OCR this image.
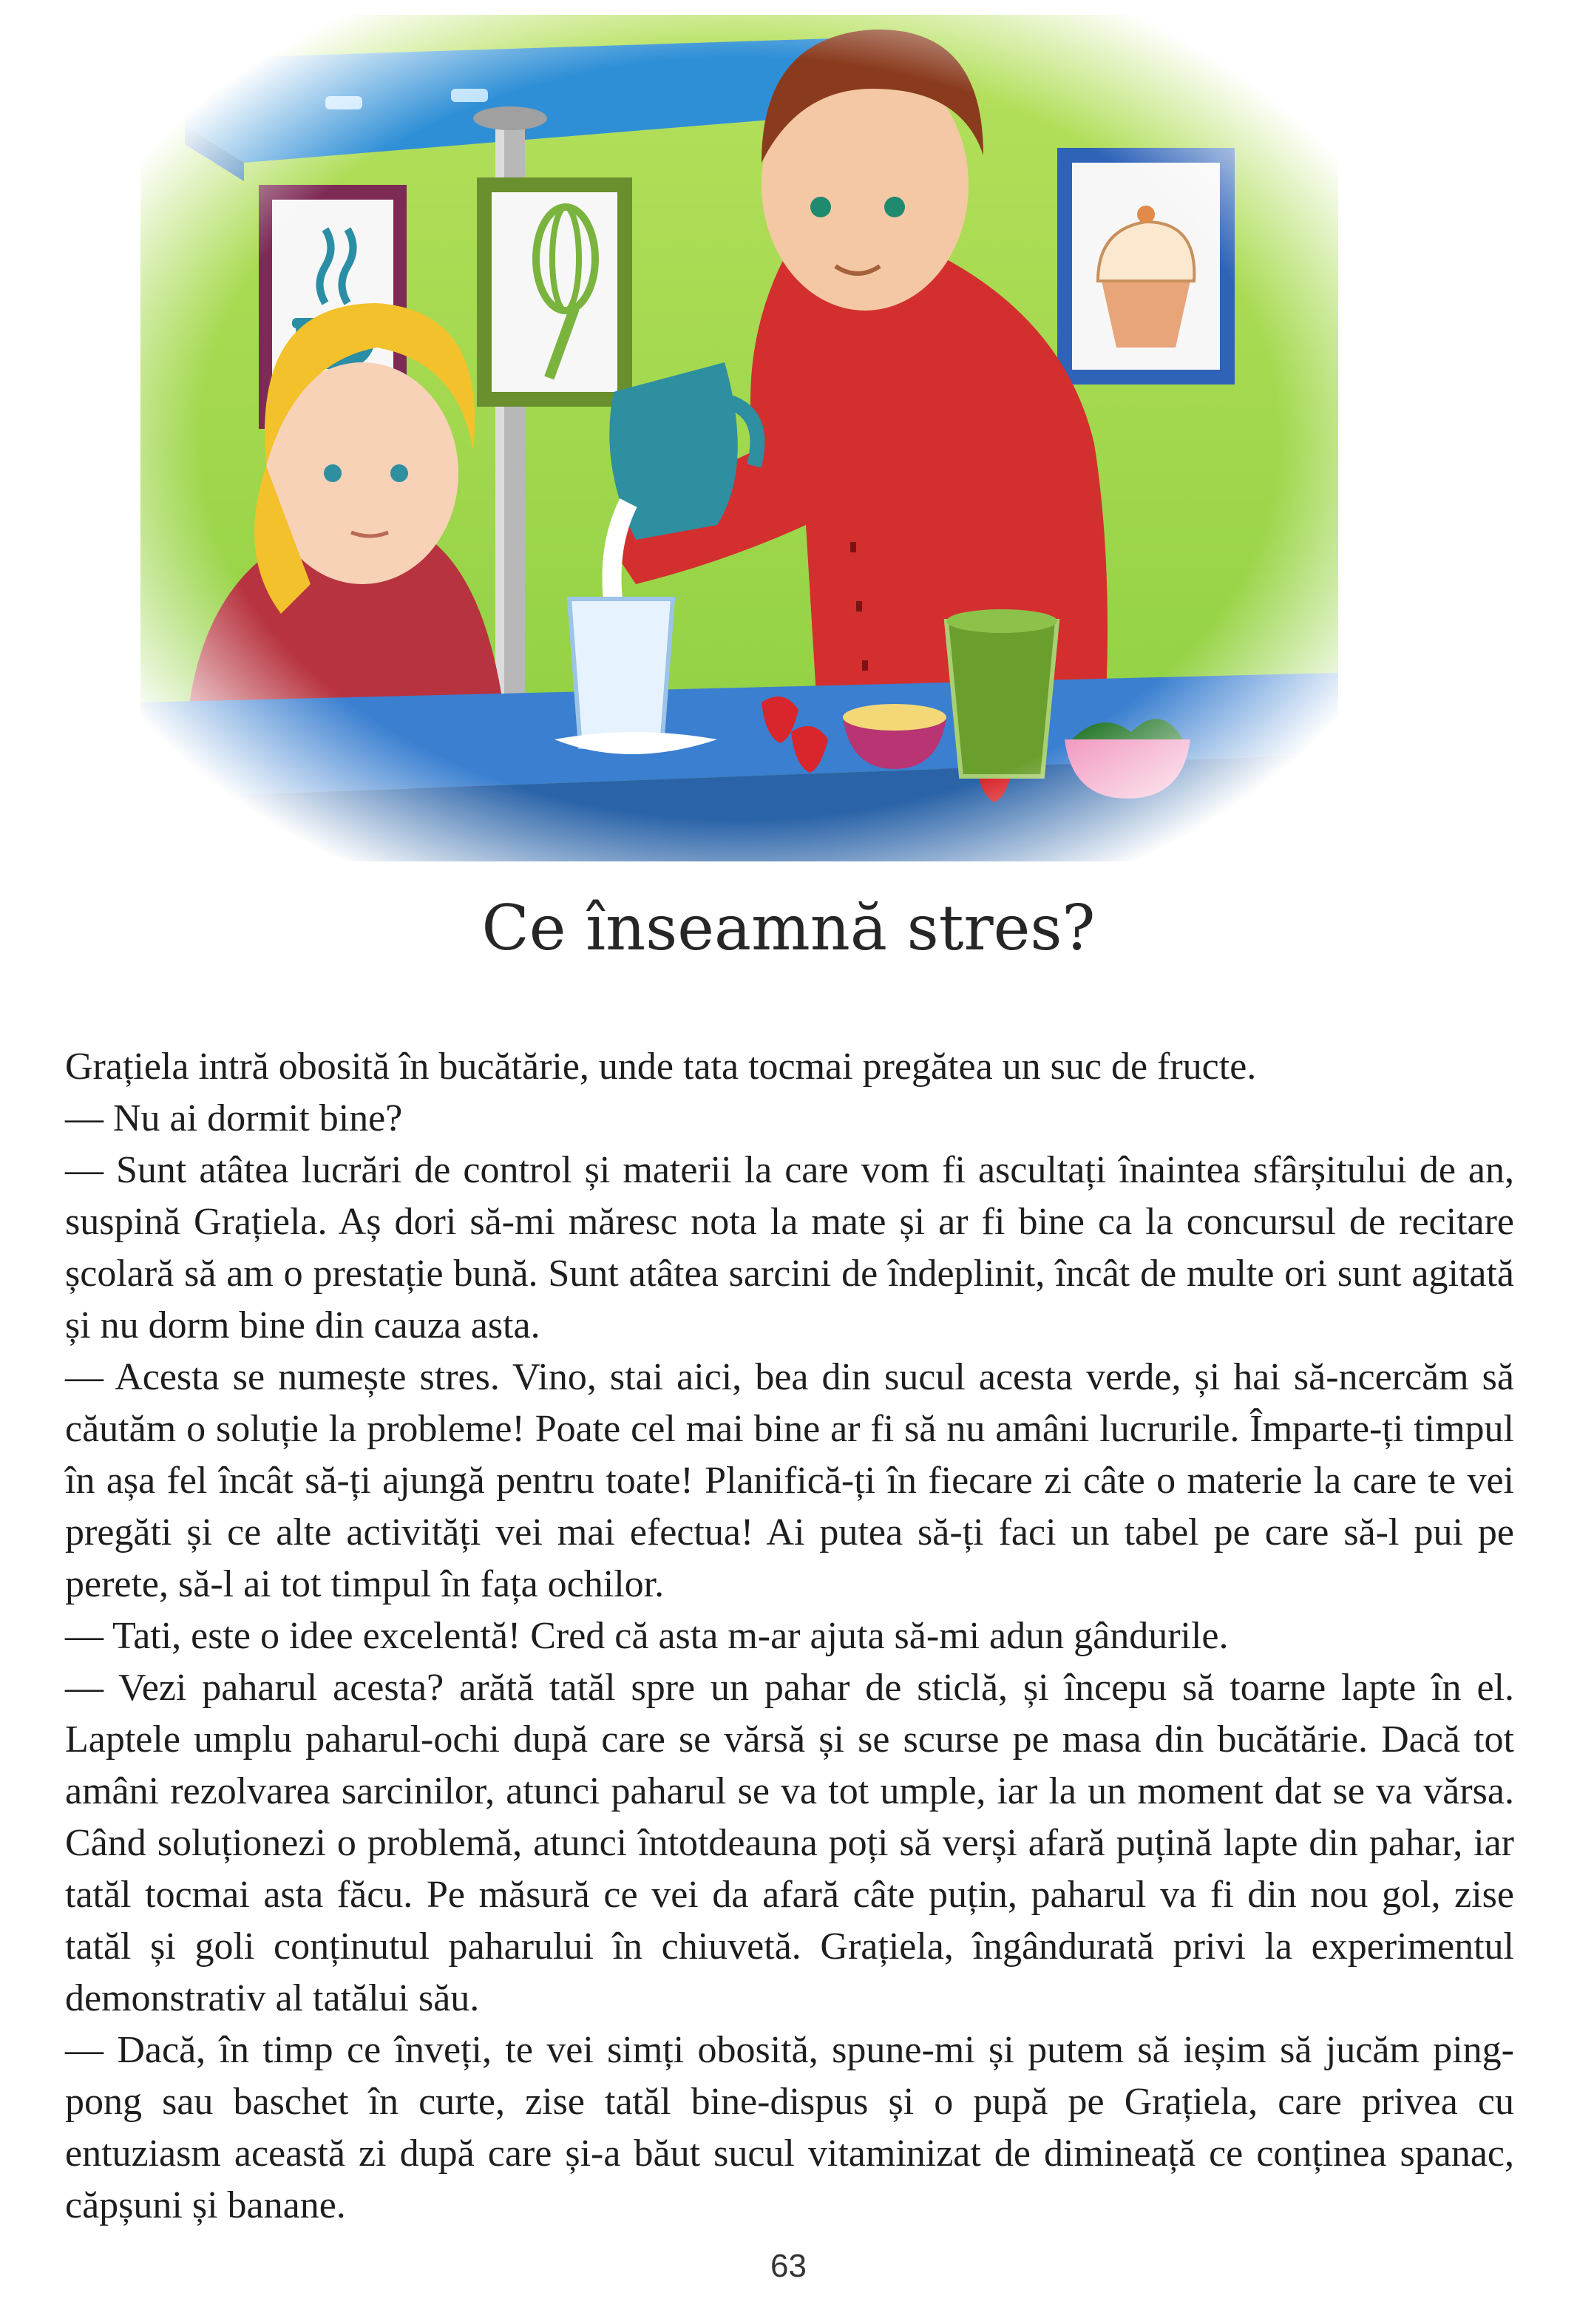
Ce înseamnă stres?

Grațiela intră obosită în bucătărie, unde tata tocmai pregătea un suc de fructe.

— Nu ai dormit bine?

— Sunt atâtea lucrări de control și materii la care vom fi ascultați înaintea sfârșitului de an, suspină Grațiela. Aș dori să-mi măresc nota la mate și ar fi bine ca la concursul de recitare școlară să am o prestație bună. Sunt atâtea sarcini de îndeplinit, încât de multe ori sunt agitată și nu dorm bine din cauza asta.

— Acesta se numește stres. Vino, stai aici, bea din sucul acesta verde, și hai să-ncercăm să căutăm o soluție la probleme! Poate cel mai bine ar fi să nu amâni lucrurile. Împarte-ți timpul în așa fel încât să-ți ajungă pentru toate! Planifică-ți în fiecare zi câte o materie la care te vei pregăti și ce alte activități vei mai efectua! Ai putea să-ți faci un tabel pe care să-l pui pe perete, să-l ai tot timpul în fața ochilor.

— Tati, este o idee excelentă! Cred că asta m-ar ajuta să-mi adun gândurile.

— Vezi paharul acesta? arătă tatăl spre un pahar de sticlă, și începu să toarne lapte în el. Laptele umplu paharul-ochi după care se vărsă și se scurse pe masa din bucătărie. Dacă tot amâni rezolvarea sarcinilor, atunci paharul se va tot umple, iar la un moment dat se va vărsa. Când soluționezi o problemă, atunci întotdeauna poți să verși afară puțină lapte din pahar, iar tatăl tocmai asta făcu. Pe măsură ce vei da afară câte puțin, paharul va fi din nou gol, zise tatăl și goli conținutul paharului în chiuvetă. Grațiela, îngândurată privi la experimentul demonstrativ al tatălui său.

— Dacă, în timp ce înveți, te vei simți obosită, spune-mi și putem să ieșim să jucăm ping-pong sau baschet în curte, zise tatăl bine-dispus și o pupă pe Grațiela, care privea cu entuziasm această zi după care și-a băut sucul vitaminizat de dimineață ce conținea spanac, căpșuni și banane.

63
